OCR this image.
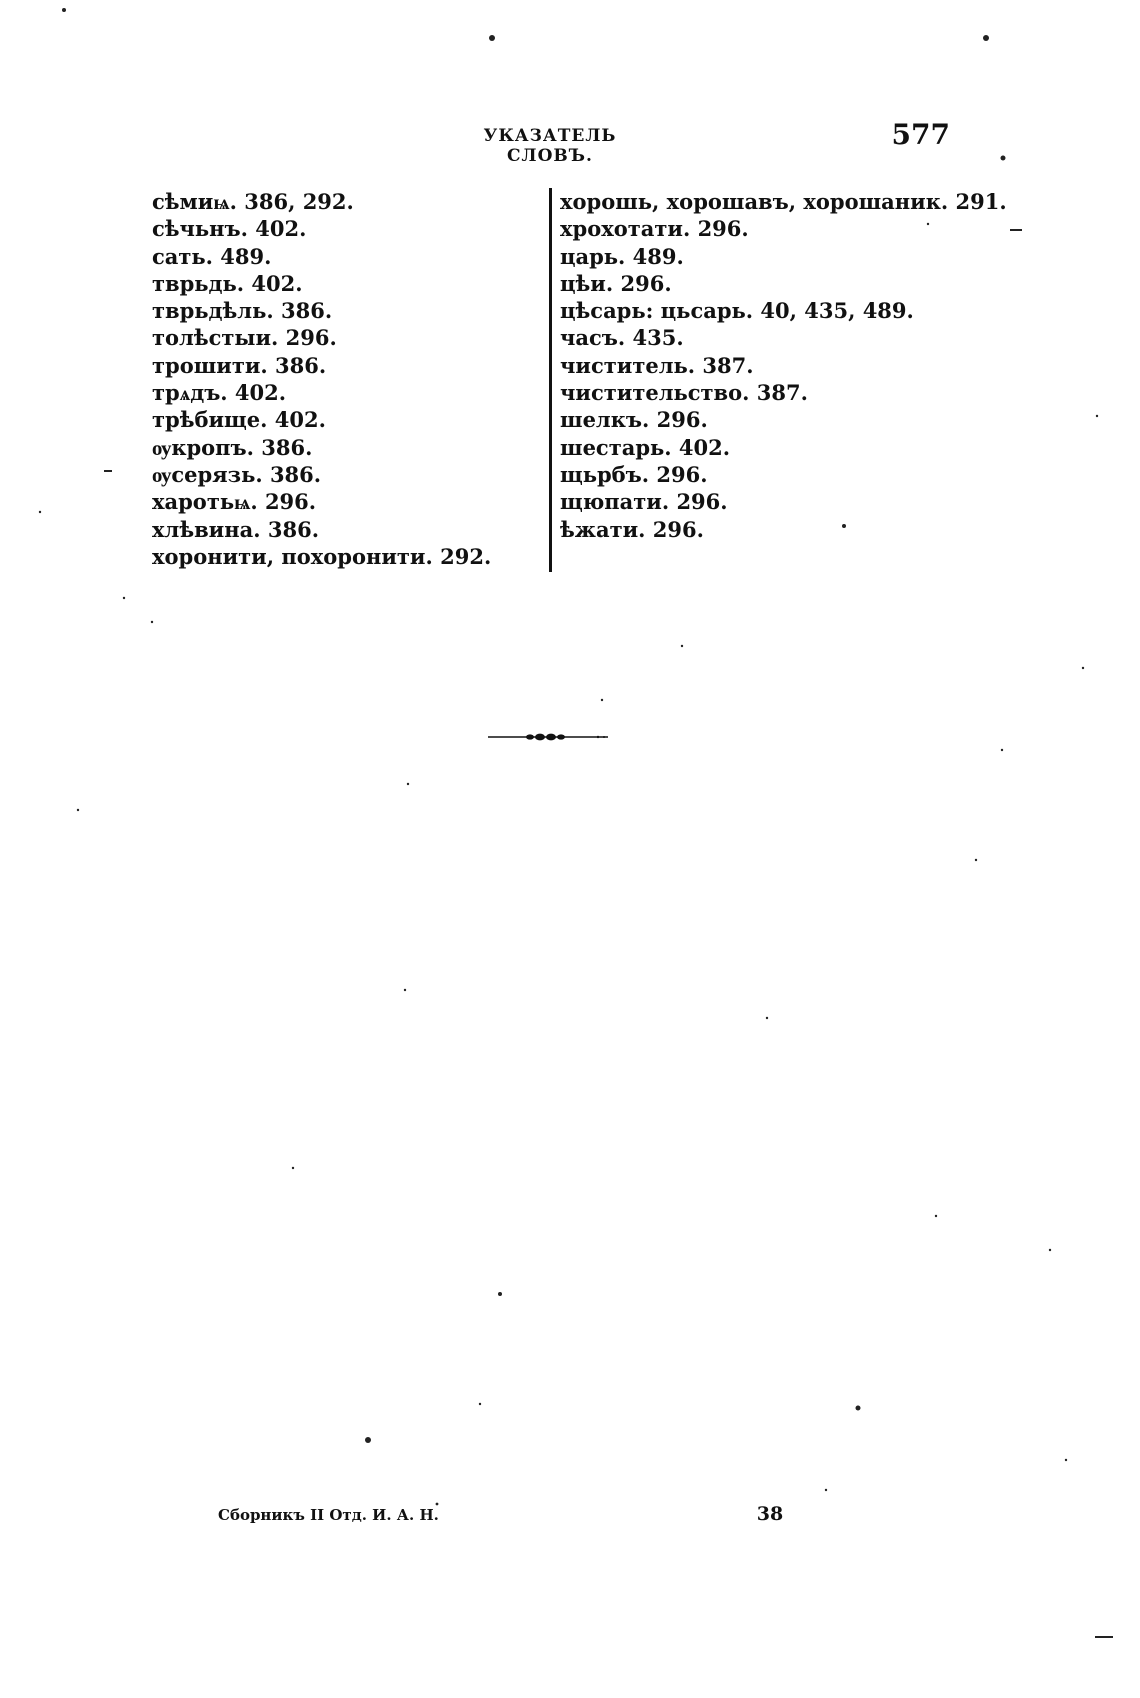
УКАЗАТЕЛЬ СЛОВЪ.
577
сѣмиѩ. 386, 292.
сѣчьнъ. 402.
сать. 489.
тврьдь. 402.
тврьдѣль. 386.
толѣстыи. 296.
трошити. 386.
трѧдъ. 402.
трѣбище. 402.
ѹкропъ. 386.
ѹсерязь. 386.
харотьѩ. 296.
хлѣвина. 386.
хоронити, похоронити. 292.
хорошь, хорошавъ, хорошаник. 291.
хрохотати. 296.
царь. 489.
цѣи. 296.
цѣсарь: цьсарь. 40, 435, 489.
часъ. 435.
чиститель. 387.
чистительство. 387.
шелкъ. 296.
шестарь. 402.
щьрбъ. 296.
щюпати. 296.
ѣжати. 296.
Сборникъ II Отд. И. А. Н.	38
